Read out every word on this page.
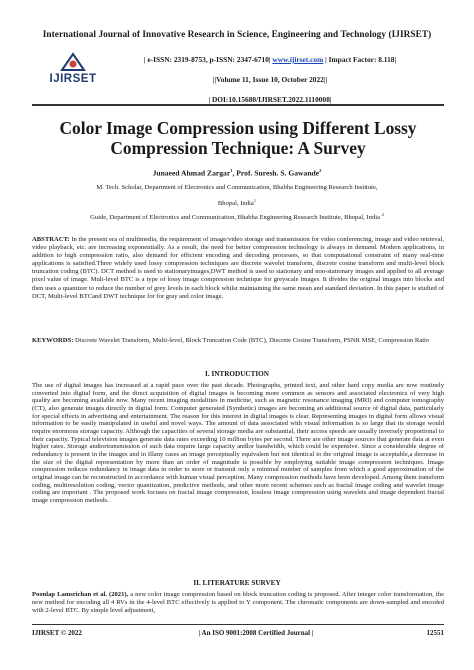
International Journal of Innovative Research in Science, Engineering and Technology (IJIRSET)
IJIRSET
| e-ISSN: 2319-8753, p-ISSN: 2347-6710| www.ijirset.com | Impact Factor: 8.118|
||Volume 11, Issue 10, October 2022||
| DOI:10.15680/IJIRSET.2022.1110008|
Color Image Compression using Different Lossy
Compression Technique: A Survey
Junaeed Ahmad Zargar$^1$, Prof. Suresh. S. Gawande$^2$
M. Tech. Scholar, Department of Electronics and Communication, Bhabha Engineering Research Institute,
Bhopal, India$^1$
Guide, Department of Electronics and Communication, Bhabha Engineering Research Institute, Bhopal, India $^2$
ABSTRACT: In the present era of multimedia, the requirement of image/video storage and transmission for video conferencing, image and video retrieval, video playback, etc. are increasing exponentially. As a result, the need for better compression technology is always in demand. Modern applications, in addition to high compression ratio, also demand for efficient encoding and decoding processes, so that computational constraint of many real-time applications is satisfied.Three widely used lossy compression techniques are discrete wavelet transform, discrete cosine transform and multi-level block truncation coding (BTC). DCT method is used to stationaryimages,DWT method is used to stationary and non-stationary images and applied to all average pixel value of image. Muli-level BTC is a type of lossy image compression technique for greyscale images. It divides the original images into blocks and then uses a quantizer to reduce the number of grey levels in each block whilst maintaining the same mean and standard deviation. In this paper is studied of DCT, Multi-level BTCand DWT technique for for gray and color image.
KEYWORDS: Discrete Wavelet Transform, Multi-level, Block Truncation Code (BTC), Discrete Cosine Transform, PSNR MSE, Compression Ratio
I. INTRODUCTION
The use of digital images has increased at a rapid pace over the past decade. Photographs, printed text, and other hard copy media are now routinely converted into digital form, and the direct acquisition of digital images is becoming more common as sensors and associated electronics of very high quality are becoming available now. Many recent imaging modalities in medicine, such as magnetic resonance imaging (MRI) and computer tomography (CT), also generate images directly in digital form. Computer generated (Synthetic) images are becoming an additional source of digital data, particularly for special effects in advertising and entertainment. The reason for this interest in digital images is clear. Representing images in digital form allows visual information to be easily manipulated in useful and novel ways. The amount of data associated with visual information is so large that its storage would require enormous storage capacity. Although the capacities of several storage media are substantial, their access speeds are usually inversely proportional to their capacity. Typical television images generate data rates exceeding 10 million bytes per second. There are other image sources that generate data at even higher rates. Storage andtortransmission of such data require large capacity andlor bandwidth, which could be expensive. Since a considerable degree of redundancy is present in the images and in Illany cases an image perceptually equivalent but not identical to the original image is acceptable,a decrease in the size of the digital representation by more than an order of magnitude is possible by employing suitable image compression techniques. Image compression reduces redundancy in image data in order to store or transmit only a minimal number of samples from which a good approximation of the original image can be reconstructed in accordance with human visual perception. Many compression methods have been developed. Among them transform coding, multiresolution coding, vector quantization, predictive methods, and other more recent schemes such as fractal image coding and wavelet image coding are important . The proposed work focuses on fractal image compression, lossless image compression using wavelets and image dependent fractal image compression methods.
II. LITERATURE SURVEY
Poonlap Lamsrichan et al. (2021), a new color image compression based on block truncation coding is proposed. After integer color transformation, the new method for encoding all 4 RVs in the 4-level BTC effectively is applied to Y component. The chromatic components are down-sampled and encoded with 2-level BTC. By simple level adjustment,
IJIRSET © 2022	| An ISO 9001:2008 Certified Journal |	12551
